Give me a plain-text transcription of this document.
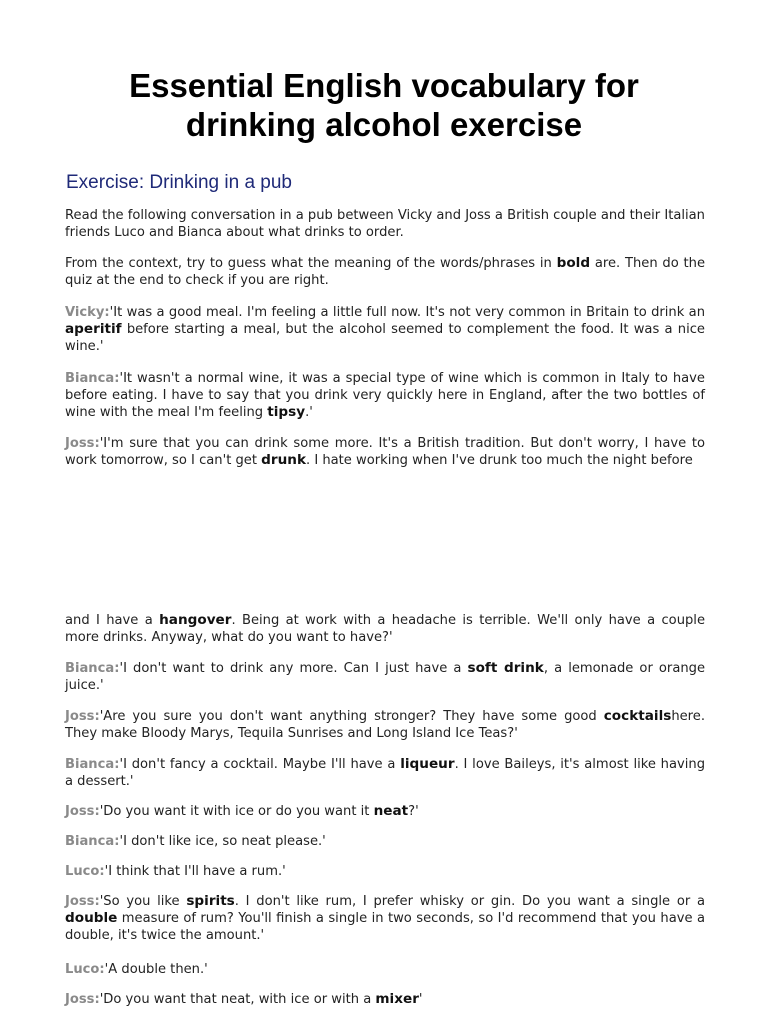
Essential English vocabulary for drinking alcohol exercise
Exercise: Drinking in a pub

Read the following conversation in a pub between Vicky and Joss a British couple and their Italian friends Luco and Bianca about what drinks to order.

From the context, try to guess what the meaning of the words/phrases in bold are. Then do the quiz at the end to check if you are right.

Vicky:'It was a good meal. I'm feeling a little full now. It's not very common in Britain to drink an aperitif before starting a meal, but the alcohol seemed to complement the food. It was a nice wine.'

Bianca:'It wasn't a normal wine, it was a special type of wine which is common in Italy to have before eating. I have to say that you drink very quickly here in England, after the two bottles of wine with the meal I'm feeling tipsy.'

Joss:'I'm sure that you can drink some more. It's a British tradition. But don't worry, I have to work tomorrow, so I can't get drunk. I hate working when I've drunk too much the night before

and I have a hangover. Being at work with a headache is terrible. We'll only have a couple more drinks. Anyway, what do you want to have?'

Bianca:'I don't want to drink any more. Can I just have a soft drink, a lemonade or orange juice.'

Joss:'Are you sure you don't want anything stronger? They have some good cocktailshere. They make Bloody Marys, Tequila Sunrises and Long Island Ice Teas?'

Bianca:'I don't fancy a cocktail. Maybe I'll have a liqueur. I love Baileys, it's almost like having a dessert.'

Joss:'Do you want it with ice or do you want it neat?'

Bianca:'I don't like ice, so neat please.'

Luco:'I think that I'll have a rum.'

Joss:'So you like spirits. I don't like rum, I prefer whisky or gin. Do you want a single or a double measure of rum? You'll finish a single in two seconds, so I'd recommend that you have a double, it's twice the amount.'

Luco:'A double then.'

Joss:'Do you want that neat, with ice or with a mixer'
